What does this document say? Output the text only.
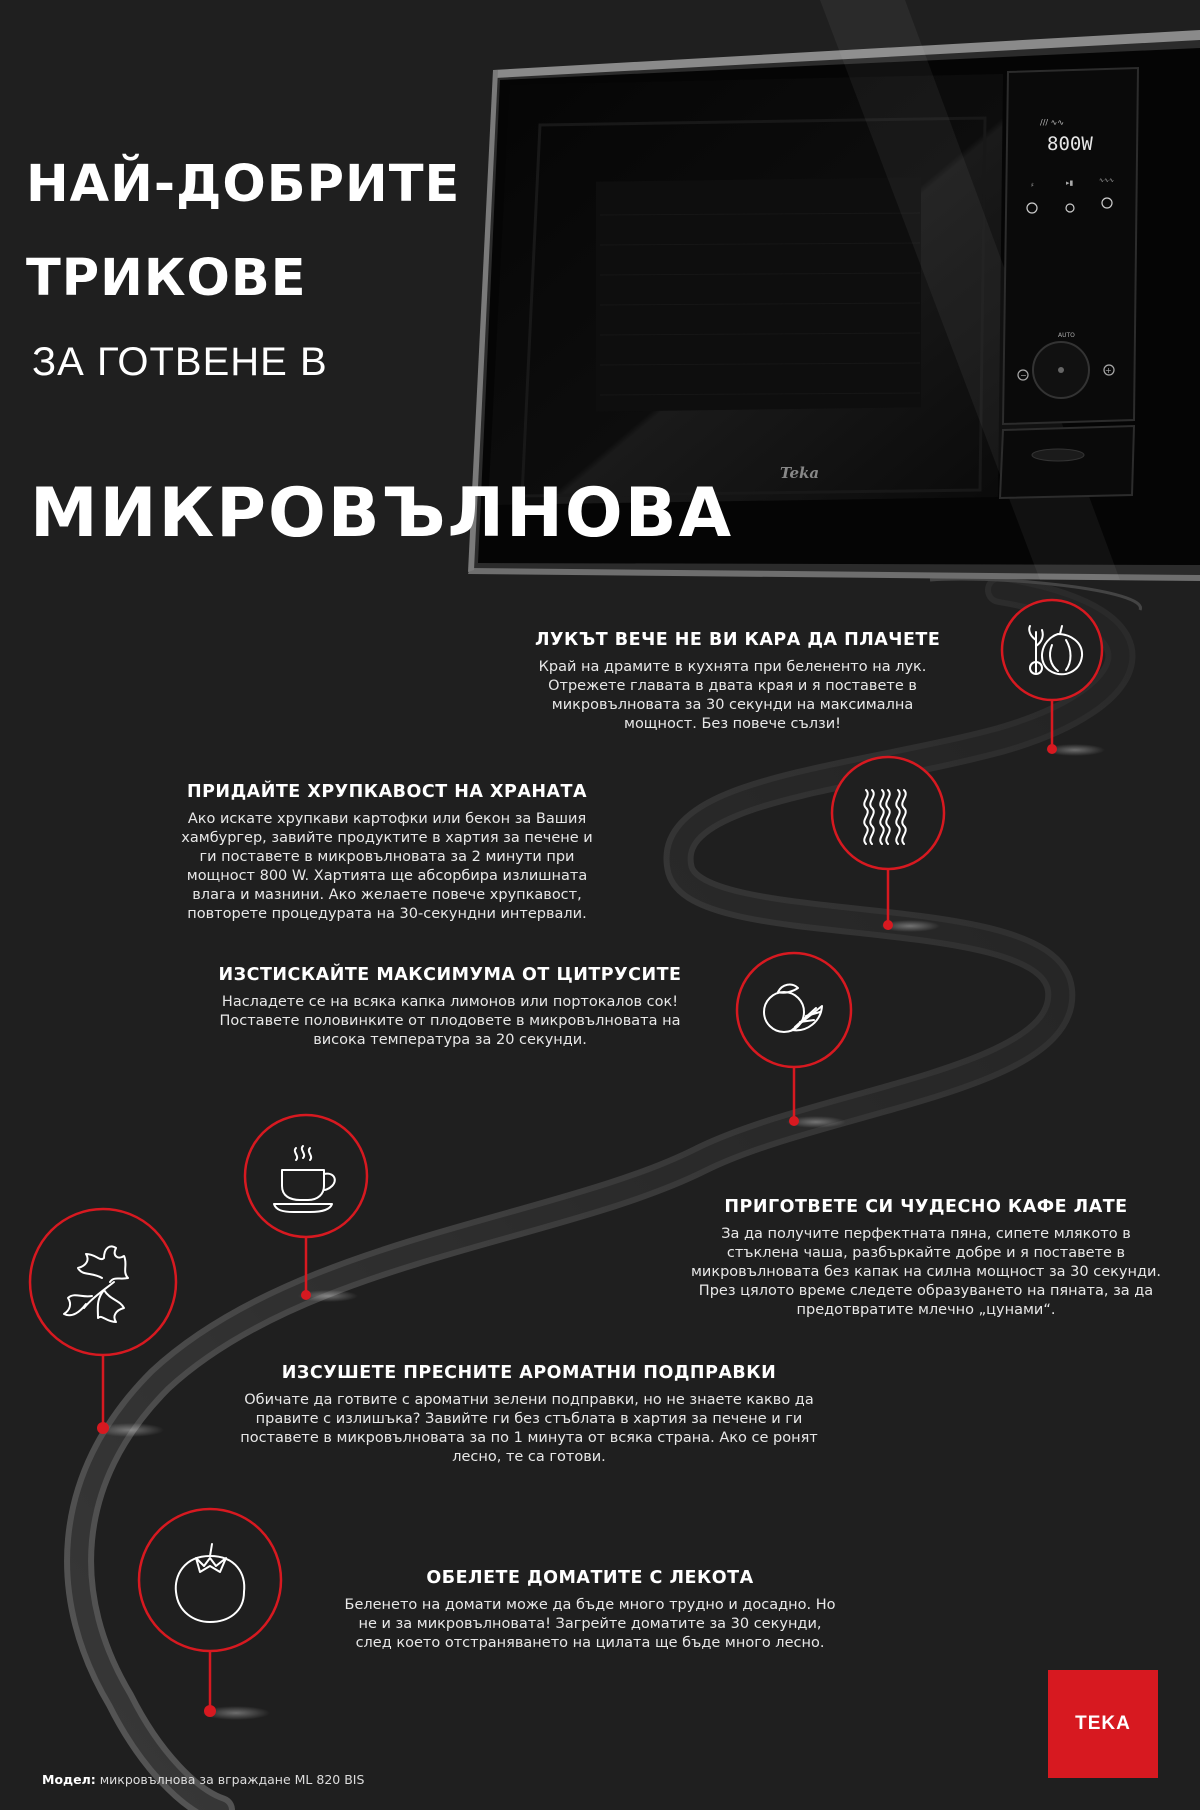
800W
/// ∿∿
♯	▸▮	∿∿∿
AUTO
−
+
Teka
НАЙ-ДОБРИТЕ
ТРИКОВЕ
ЗА ГОТВЕНЕ В
МИКРОВЪЛНОВА
ЛУКЪТ ВЕЧЕ НЕ ВИ КАРА ДА ПЛАЧЕТЕ
Край на драмите в кухнята при белененто на лук. Отрежете главата в двата края и я поставете в микровълновата за 30 секунди на максимална мощност. Без повече сълзи!
ПРИДАЙТЕ ХРУПКАВОСТ НА ХРАНАТА
Ако искате хрупкави картофки или бекон за Вашия хамбургер, завийте продуктите в хартия за печене и ги поставете в микровълновата за 2 минути при мощност 800 W. Хартията ще абсорбира излишната влага и мазнини. Ако желаете повече хрупкавост, повторете процедурата на 30-секундни интервали.
ИЗСТИСКАЙТЕ МАКСИМУМА ОТ ЦИТРУСИТЕ
Насладете се на всяка капка лимонов или портокалов сок! Поставете половинките от плодовете в микровълновата на висока температура за 20 секунди.
ПРИГОТВЕТЕ СИ ЧУДЕСНО КАФЕ ЛАТЕ
За да получите перфектната пяна, сипете млякото в стъклена чаша, разбъркайте добре и я поставете в микровълновата без капак на силна мощност за 30 секунди. През цялото време следете образуването на пяната, за да предотвратите млечно „цунами“.
ИЗСУШЕТЕ ПРЕСНИТЕ АРОМАТНИ ПОДПРАВКИ
Обичате да готвите с ароматни зелени подправки, но не знаете какво да правите с излишъка? Завийте ги без стъблата в хартия за печене и ги поставете в микровълновата за по 1 минута от всяка страна. Ако се ронят лесно, те са готови.
ОБЕЛЕТЕ ДОМАТИТЕ С ЛЕКОТА
Беленето на домати може да бъде много трудно и досадно. Но не и за микровълновата! Загрейте доматите за 30 секунди, след което отстраняването на цилата ще бъде много лесно.
Модел: микровълнова за вграждане ML 820 BIS
TEKA
